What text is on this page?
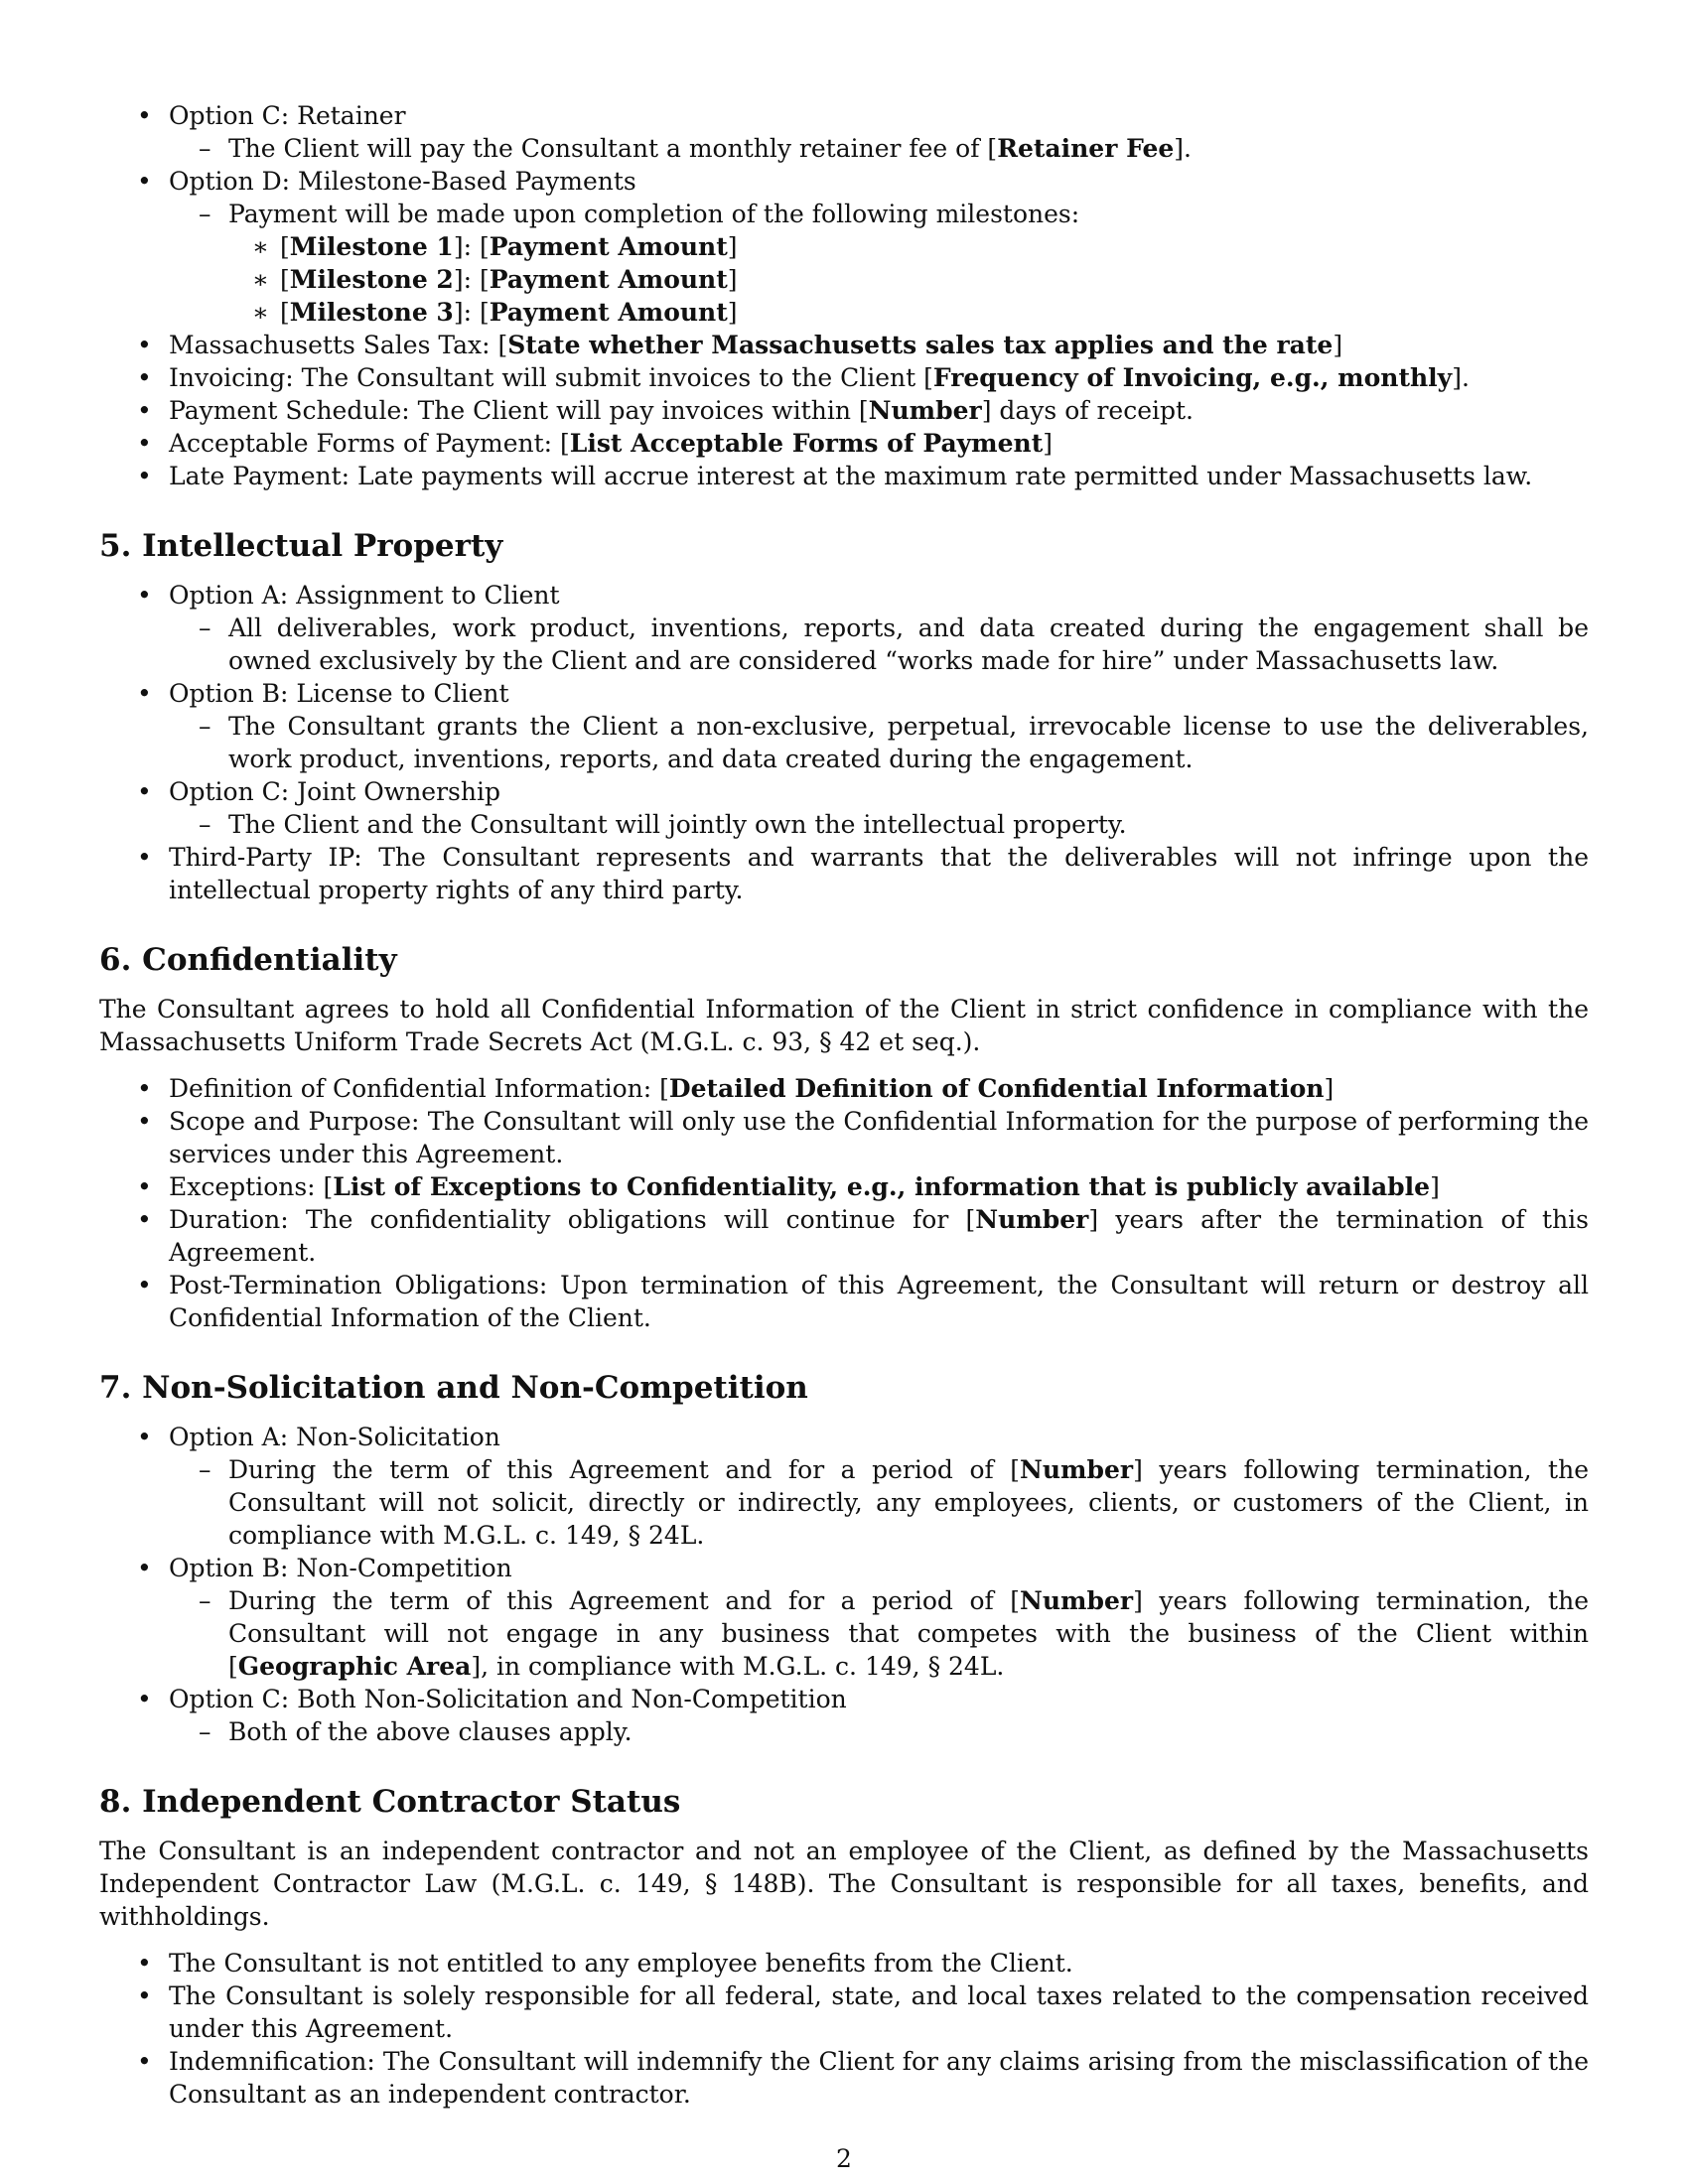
• Option C: Retainer
– The Client will pay the Consultant a monthly retainer fee of [Retainer Fee].
• Option D: Milestone-Based Payments
– Payment will be made upon completion of the following milestones:
∗ [Milestone 1]: [Payment Amount]
∗ [Milestone 2]: [Payment Amount]
∗ [Milestone 3]: [Payment Amount]
• Massachusetts Sales Tax: [State whether Massachusetts sales tax applies and the rate]
• Invoicing: The Consultant will submit invoices to the Client [Frequency of Invoicing, e.g., monthly].
• Payment Schedule: The Client will pay invoices within [Number] days of receipt.
• Acceptable Forms of Payment: [List Acceptable Forms of Payment]
• Late Payment: Late payments will accrue interest at the maximum rate permitted under Massachusetts law.
5. Intellectual Property
• Option A: Assignment to Client
– All deliverables, work product, inventions, reports, and data created during the engagement shall be owned exclusively by the Client and are considered “works made for hire” under Massachusetts law.
• Option B: License to Client
– The Consultant grants the Client a non-exclusive, perpetual, irrevocable license to use the deliverables, work product, inventions, reports, and data created during the engagement.
• Option C: Joint Ownership
– The Client and the Consultant will jointly own the intellectual property.
• Third-Party IP: The Consultant represents and warrants that the deliverables will not infringe upon the intellectual property rights of any third party.
6. Confidentiality

The Consultant agrees to hold all Confidential Information of the Client in strict confidence in compliance with the Massachusetts Uniform Trade Secrets Act (M.G.L. c. 93, § 42 et seq.).

• Definition of Confidential Information: [Detailed Definition of Confidential Information]
• Scope and Purpose: The Consultant will only use the Confidential Information for the purpose of performing the services under this Agreement.
• Exceptions: [List of Exceptions to Confidentiality, e.g., information that is publicly available]
• Duration: The confidentiality obligations will continue for [Number] years after the termination of this Agreement.
• Post-Termination Obligations: Upon termination of this Agreement, the Consultant will return or destroy all Confidential Information of the Client.
7. Non-Solicitation and Non-Competition
• Option A: Non-Solicitation
– During the term of this Agreement and for a period of [Number] years following termination, the Consultant will not solicit, directly or indirectly, any employees, clients, or customers of the Client, in compliance with M.G.L. c. 149, § 24L.
• Option B: Non-Competition
– During the term of this Agreement and for a period of [Number] years following termination, the Consultant will not engage in any business that competes with the business of the Client within [Geographic Area], in compliance with M.G.L. c. 149, § 24L.
• Option C: Both Non-Solicitation and Non-Competition
– Both of the above clauses apply.
8. Independent Contractor Status

The Consultant is an independent contractor and not an employee of the Client, as defined by the Massachusetts Independent Contractor Law (M.G.L. c. 149, § 148B). The Consultant is responsible for all taxes, benefits, and withholdings.

• The Consultant is not entitled to any employee benefits from the Client.
• The Consultant is solely responsible for all federal, state, and local taxes related to the compensation received under this Agreement.
• Indemnification: The Consultant will indemnify the Client for any claims arising from the misclassification of the Consultant as an independent contractor.
2
